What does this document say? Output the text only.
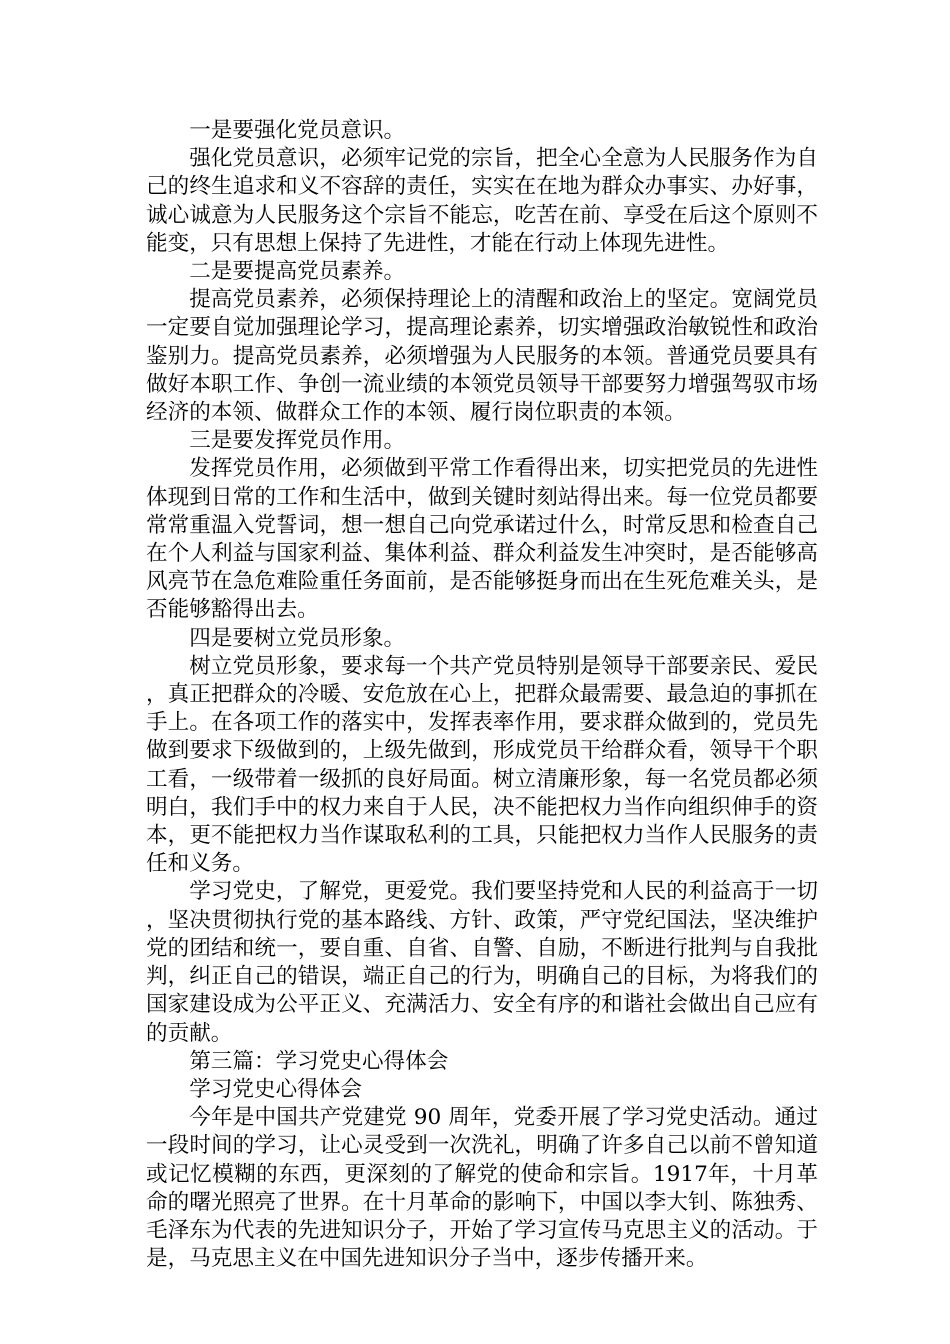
一是要强化党员意识。

强化党员意识，必须牢记党的宗旨，把全心全意为人民服务作为自己的终生追求和义不容辞的责任，实实在在地为群众办事实、办好事，诚心诚意为人民服务这个宗旨不能忘，吃苦在前、享受在后这个原则不能变，只有思想上保持了先进性，才能在行动上体现先进性。

二是要提高党员素养。

提高党员素养，必须保持理论上的清醒和政治上的坚定。宽阔党员一定要自觉加强理论学习，提高理论素养，切实增强政治敏锐性和政治鉴别力。提高党员素养，必须增强为人民服务的本领。普通党员要具有做好本职工作、争创一流业绩的本领党员领导干部要努力增强驾驭市场经济的本领、做群众工作的本领、履行岗位职责的本领。

三是要发挥党员作用。

发挥党员作用，必须做到平常工作看得出来，切实把党员的先进性体现到日常的工作和生活中，做到关键时刻站得出来。每一位党员都要常常重温入党誓词，想一想自己向党承诺过什么，时常反思和检查自己在个人利益与国家利益、集体利益、群众利益发生冲突时，是否能够高风亮节在急危难险重任务面前，是否能够挺身而出在生死危难关头，是否能够豁得出去。

四是要树立党员形象。

树立党员形象，要求每一个共产党员特别是领导干部要亲民、爱民，真正把群众的冷暖、安危放在心上，把群众最需要、最急迫的事抓在手上。在各项工作的落实中，发挥表率作用，要求群众做到的，党员先做到要求下级做到的，上级先做到，形成党员干给群众看，领导干个职工看，一级带着一级抓的良好局面。树立清廉形象，每一名党员都必须明白，我们手中的权力来自于人民，决不能把权力当作向组织伸手的资本，更不能把权力当作谋取私利的工具，只能把权力当作人民服务的责任和义务。

学习党史，了解党，更爱党。我们要坚持党和人民的利益高于一切，坚决贯彻执行党的基本路线、方针、政策，严守党纪国法，坚决维护党的团结和统一，要自重、自省、自警、自励，不断进行批判与自我批判，纠正自己的错误，端正自己的行为，明确自己的目标，为将我们的国家建设成为公平正义、充满活力、安全有序的和谐社会做出自己应有的贡献。

第三篇：学习党史心得体会

学习党史心得体会

今年是中国共产党建党 90 周年，党委开展了学习党史活动。通过一段时间的学习，让心灵受到一次洗礼，明确了许多自己以前不曾知道或记忆模糊的东西，更深刻的了解党的使命和宗旨。1917年，十月革命的曙光照亮了世界。在十月革命的影响下，中国以李大钊、陈独秀、毛泽东为代表的先进知识分子，开始了学习宣传马克思主义的活动。于是，马克思主义在中国先进知识分子当中，逐步传播开来。
